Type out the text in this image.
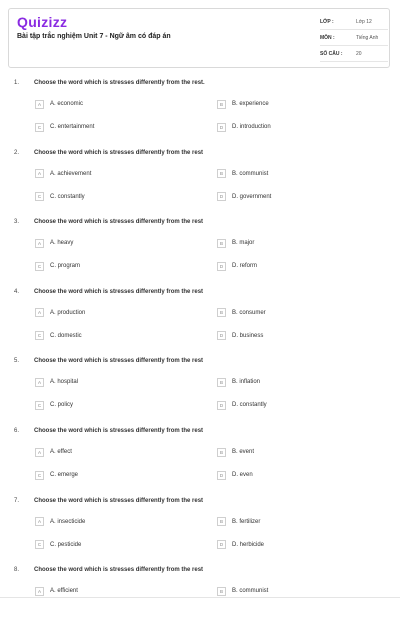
Quizizz
Bài tập trắc nghiệm Unit 7 - Ngữ âm có đáp án
LỚP :	Lớp 12
MÔN :	Tiếng Anh
SỐ CÂU :	20
1. Choose the word which is stresses differently from the rest.
A	A. economic	B	B. experience
C	C. entertainment	D	D. introduction
2. Choose the word which is stresses differently from the rest
A	A. achievement	B	B. communist
C	C. constantly	D	D. government
3. Choose the word which is stresses differently from the rest
A	A. heavy	B	B. major
C	C. program	D	D. reform
4. Choose the word which is stresses differently from the rest
A	A. production	B	B. consumer
C	C. domestic	D	D. business
5. Choose the word which is stresses differently from the rest
A	A. hospital	B	B. inflation
C	C. policy	D	D. constantly
6. Choose the word which is stresses differently from the rest
A	A. effect	B	B. event
C	C. emerge	D	D. even
7. Choose the word which is stresses differently from the rest
A	A. insecticide	B	B. fertilizer
C	C. pesticide	D	D. herbicide
8. Choose the word which is stresses differently from the rest
A	A. efficient	B	B. communist
